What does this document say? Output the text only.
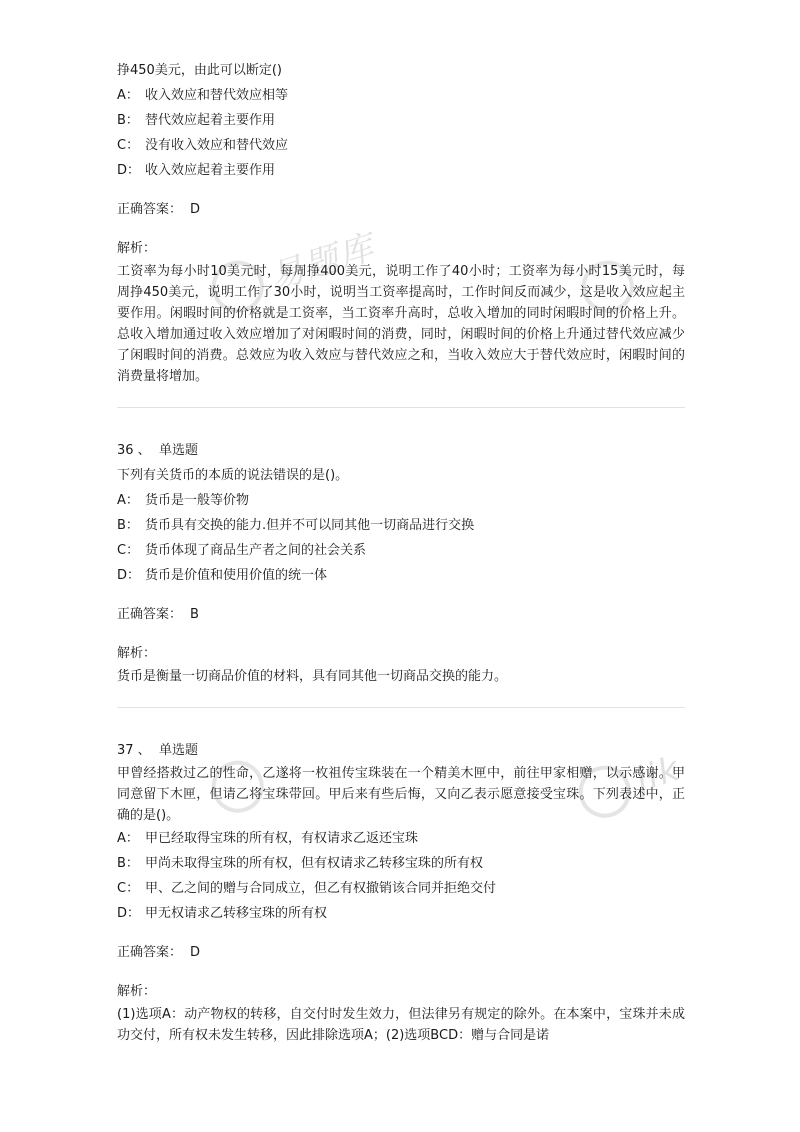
易题库
jik
挣450美元，由此可以断定()
A： 收入效应和替代效应相等
B： 替代效应起着主要作用
C： 没有收入效应和替代效应
D： 收入效应起着主要作用
正确答案： D
解析：
工资率为每小时10美元时，每周挣400美元，说明工作了40小时；工资率为每小时15美元时，每周挣450美元，说明工作了30小时，说明当工资率提高时，工作时间反而减少，这是收入效应起主要作用。闲暇时间的价格就是工资率，当工资率升高时，总收入增加的同时闲暇时间的价格上升。总收入增加通过收入效应增加了对闲暇时间的消费，同时，闲暇时间的价格上升通过替代效应减少了闲暇时间的消费。总效应为收入效应与替代效应之和，当收入效应大于替代效应时，闲暇时间的消费量将增加。
36 、 单选题
下列有关货币的本质的说法错误的是()。
A： 货币是一般等价物
B： 货币具有交换的能力.但并不可以同其他一切商品进行交换
C： 货币体现了商品生产者之间的社会关系
D： 货币是价值和使用价值的统一体
正确答案： B
解析：
货币是衡量一切商品价值的材料，具有同其他一切商品交换的能力。
37 、 单选题
甲曾经搭救过乙的性命，乙遂将一枚祖传宝珠装在一个精美木匣中，前往甲家相赠，以示感谢。甲同意留下木匣，但请乙将宝珠带回。甲后来有些后悔，又向乙表示愿意接受宝珠。下列表述中，正确的是()。
A： 甲已经取得宝珠的所有权，有权请求乙返还宝珠
B： 甲尚未取得宝珠的所有权，但有权请求乙转移宝珠的所有权
C： 甲、乙之间的赠与合同成立，但乙有权撤销该合同并拒绝交付
D： 甲无权请求乙转移宝珠的所有权
正确答案： D
解析：
(1)选项A：动产物权的转移，自交付时发生效力，但法律另有规定的除外。在本案中，宝珠并未成功交付，所有权未发生转移，因此排除选项A；(2)选项BCD：赠与合同是诺
